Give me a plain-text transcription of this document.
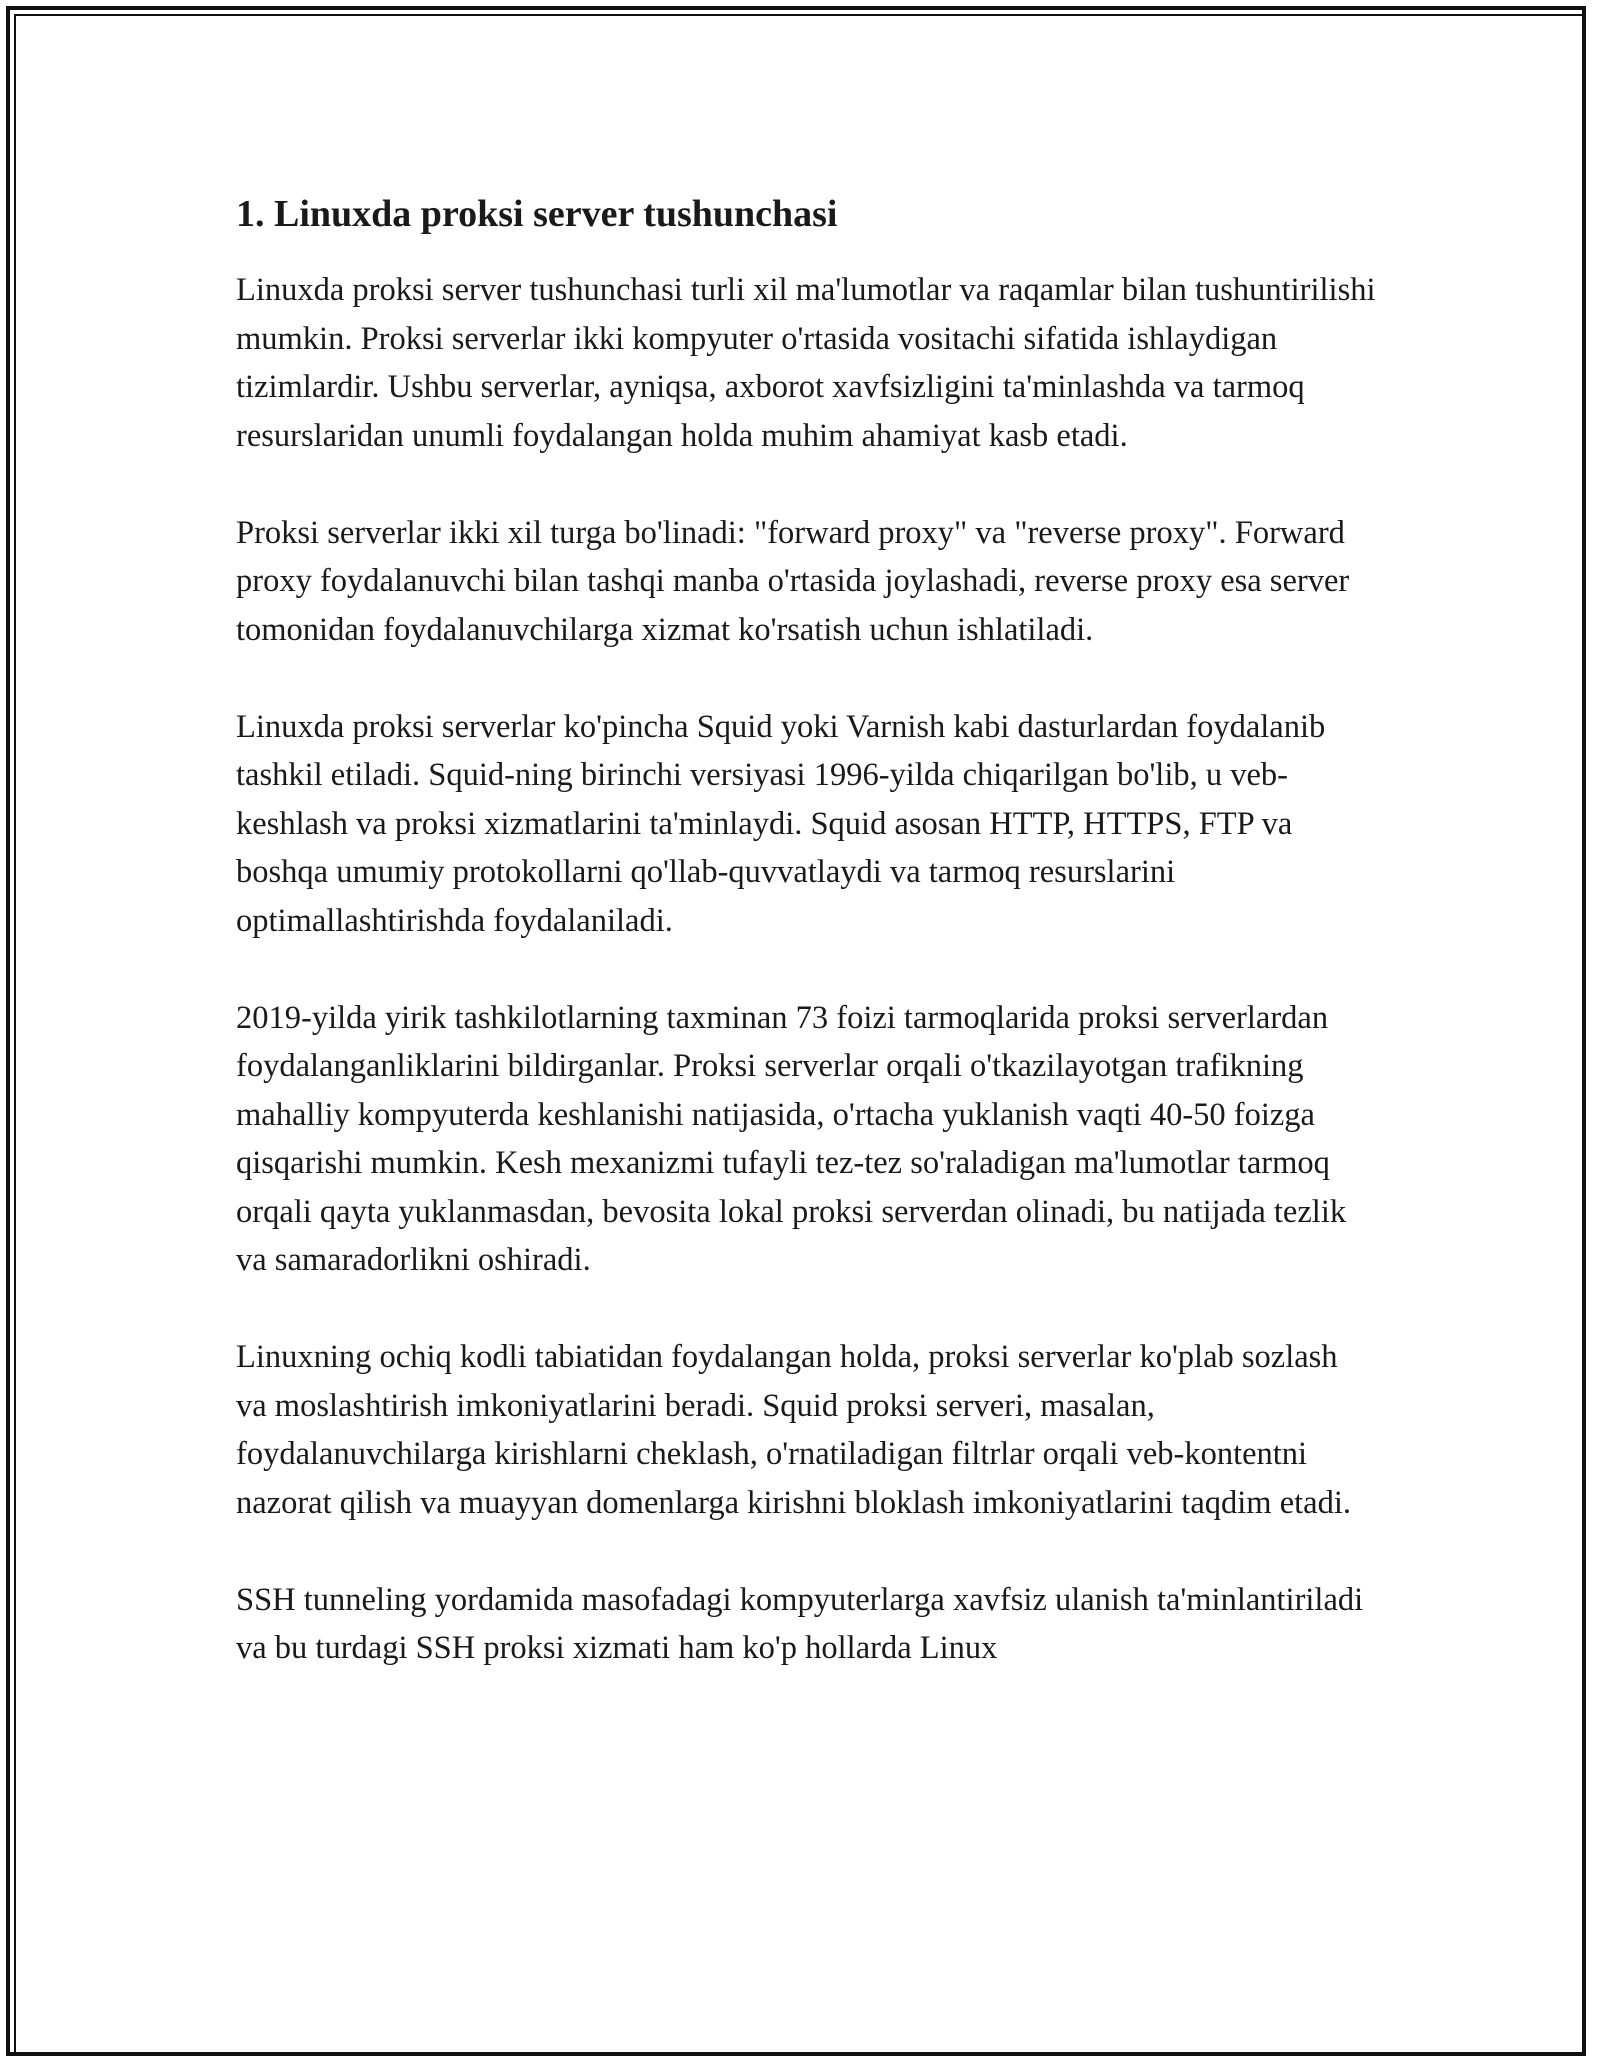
1. Linuxda proksi server tushunchasi

Linuxda proksi server tushunchasi turli xil ma'lumotlar va raqamlar bilan tushuntirilishi mumkin. Proksi serverlar ikki kompyuter o'rtasida vositachi sifatida ishlaydigan tizimlardir. Ushbu serverlar, ayniqsa, axborot xavfsizligini ta'minlashda va tarmoq resurslaridan unumli foydalangan holda muhim ahamiyat kasb etadi.

Proksi serverlar ikki xil turga bo'linadi: "forward proxy" va "reverse proxy". Forward proxy foydalanuvchi bilan tashqi manba o'rtasida joylashadi, reverse proxy esa server tomonidan foydalanuvchilarga xizmat ko'rsatish uchun ishlatiladi.

Linuxda proksi serverlar ko'pincha Squid yoki Varnish kabi dasturlardan foydalanib tashkil etiladi. Squid-ning birinchi versiyasi 1996-yilda chiqarilgan bo'lib, u veb-keshlash va proksi xizmatlarini ta'minlaydi. Squid asosan HTTP, HTTPS, FTP va boshqa umumiy protokollarni qo'llab-quvvatlaydi va tarmoq resurslarini optimallashtirishda foydalaniladi.

2019-yilda yirik tashkilotlarning taxminan 73 foizi tarmoqlarida proksi serverlardan foydalanganliklarini bildirganlar. Proksi serverlar orqali o'tkazilayotgan trafikning mahalliy kompyuterda keshlanishi natijasida, o'rtacha yuklanish vaqti 40-50 foizga qisqarishi mumkin. Kesh mexanizmi tufayli tez-tez so'raladigan ma'lumotlar tarmoq orqali qayta yuklanmasdan, bevosita lokal proksi serverdan olinadi, bu natijada tezlik va samaradorlikni oshiradi.

Linuxning ochiq kodli tabiatidan foydalangan holda, proksi serverlar ko'plab sozlash va moslashtirish imkoniyatlarini beradi. Squid proksi serveri, masalan, foydalanuvchilarga kirishlarni cheklash, o'rnatiladigan filtrlar orqali veb-kontentni nazorat qilish va muayyan domenlarga kirishni bloklash imkoniyatlarini taqdim etadi.

SSH tunneling yordamida masofadagi kompyuterlarga xavfsiz ulanish ta'minlantiriladi va bu turdagi SSH proksi xizmati ham ko'p hollarda Linux
